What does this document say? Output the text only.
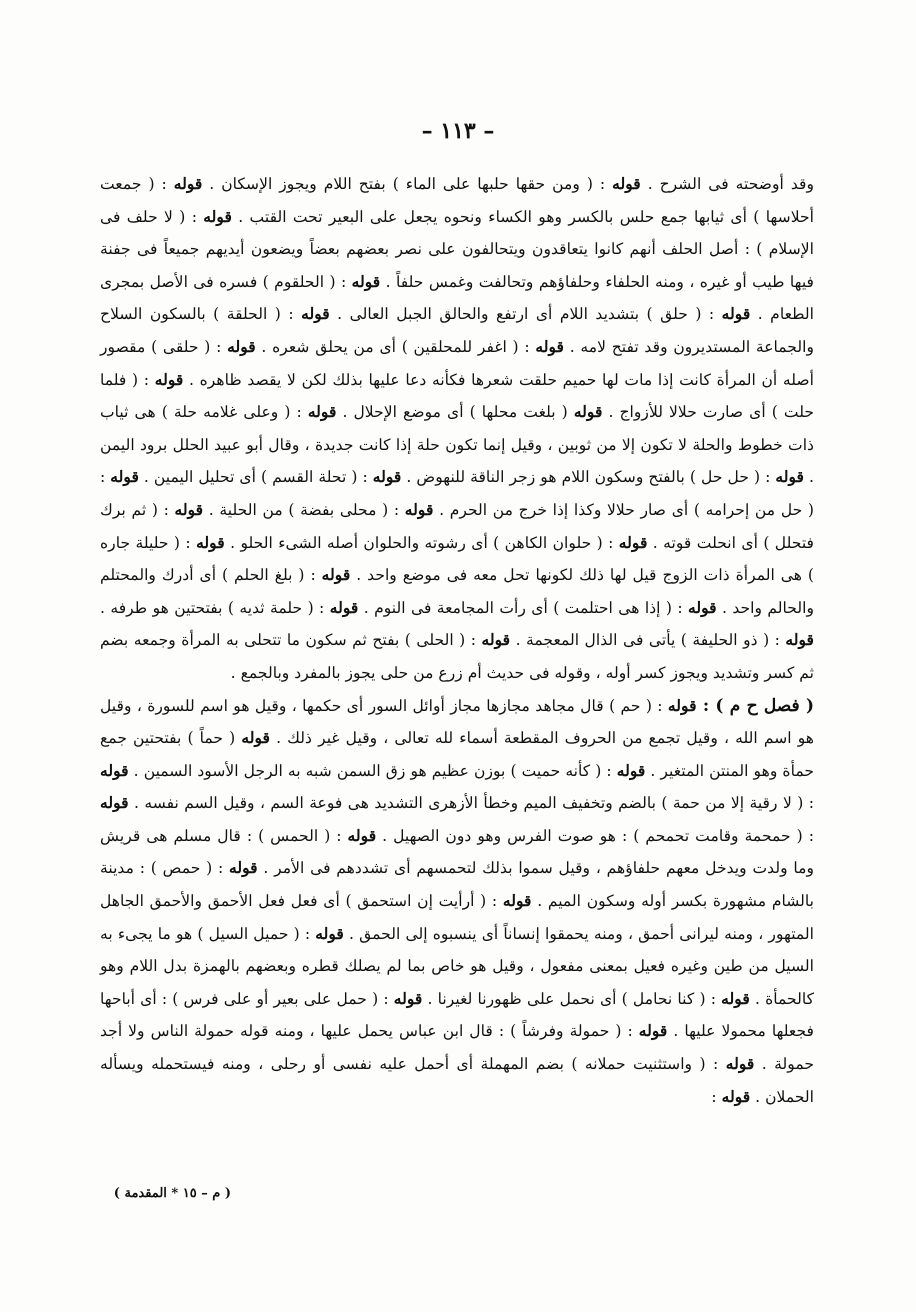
– ١١٣ –

وقد أوضحته فى الشرح . قوله : ( ومن حقها حلبها على الماء ) بفتح اللام ويجوز الإسكان . قوله : ( جمعت أحلاسها ) أى ثيابها جمع حلس بالكسر وهو الكساء ونحوه يجعل على البعير تحت القتب . قوله : ( لا حلف فى الإسلام ) : أصل الحلف أنهم كانوا يتعاقدون ويتحالفون على نصر بعضهم بعضاً ويضعون أيديهم جميعاً فى جفنة فيها طيب أو غيره ، ومنه الحلفاء وحلفاؤهم وتحالفت وغمس حلفاً . قوله : ( الحلقوم ) فسره فى الأصل بمجرى الطعام . قوله : ( حلق ) بتشديد اللام أى ارتفع والحالق الجبل العالى . قوله : ( الحلقة ) بالسكون السلاح والجماعة المستديرون وقد تفتح لامه . قوله : ( اغفر للمحلقين ) أى من يحلق شعره . قوله : ( حلقى ) مقصور أصله أن المرأة كانت إذا مات لها حميم حلقت شعرها فكأنه دعا عليها بذلك لكن لا يقصد ظاهره . قوله : ( فلما حلت ) أى صارت حلالا للأزواج . قوله ( بلغت محلها ) أى موضع الإحلال . قوله : ( وعلى غلامه حلة ) هى ثياب ذات خطوط والحلة لا تكون إلا من ثوبين ، وقيل إنما تكون حلة إذا كانت جديدة ، وقال أبو عبيد الحلل برود اليمن . قوله : ( حل حل ) بالفتح وسكون اللام هو زجر الناقة للنهوض . قوله : ( تحلة القسم ) أى تحليل اليمين . قوله : ( حل من إحرامه ) أى صار حلالا وكذا إذا خرج من الحرم . قوله : ( محلى بفضة ) من الحلية . قوله : ( ثم برك فتحلل ) أى انحلت قوته . قوله : ( حلوان الكاهن ) أى رشوته والحلوان أصله الشىء الحلو . قوله : ( حليلة جاره ) هى المرأة ذات الزوج قيل لها ذلك لكونها تحل معه فى موضع واحد . قوله : ( بلغ الحلم ) أى أدرك والمحتلم والحالم واحد . قوله : ( إذا هى احتلمت ) أى رأت المجامعة فى النوم . قوله : ( حلمة ثديه ) بفتحتين هو طرفه . قوله : ( ذو الحليفة ) يأتى فى الذال المعجمة . قوله : ( الحلى ) بفتح ثم سكون ما تتحلى به المرأة وجمعه بضم ثم كسر وتشديد ويجوز كسر أوله ، وقوله فى حديث أم زرع من حلى يجوز بالمفرد وبالجمع .

( فصل ح م ) : قوله : ( حم ) قال مجاهد مجازها مجاز أوائل السور أى حكمها ، وقيل هو اسم للسورة ، وقيل هو اسم الله ، وقيل تجمع من الحروف المقطعة أسماء لله تعالى ، وقيل غير ذلك . قوله ( حماً ) بفتحتين جمع حمأة وهو المنتن المتغير . قوله : ( كأنه حميت ) بوزن عظيم هو زق السمن شبه به الرجل الأسود السمين . قوله : ( لا رقية إلا من حمة ) بالضم وتخفيف الميم وخطأ الأزهرى التشديد هى فوعة السم ، وقيل السم نفسه . قوله : ( حمحمة وقامت تحمحم ) : هو صوت الفرس وهو دون الصهيل . قوله : ( الحمس ) : قال مسلم هى قريش وما ولدت ويدخل معهم حلفاؤهم ، وقيل سموا بذلك لتحمسهم أى تشددهم فى الأمر . قوله : ( حمص ) : مدينة بالشام مشهورة بكسر أوله وسكون الميم . قوله : ( أرأيت إن استحمق ) أى فعل فعل الأحمق والأحمق الجاهل المتهور ، ومنه ليرانى أحمق ، ومنه يحمقوا إنساناً أى ينسبوه إلى الحمق . قوله : ( حميل السيل ) هو ما يجىء به السيل من طين وغيره فعيل بمعنى مفعول ، وقيل هو خاص بما لم يصلك قطره وبعضهم بالهمزة بدل اللام وهو كالحمأة . قوله : ( كنا نحامل ) أى نحمل على ظهورنا لغيرنا . قوله : ( حمل على بعير أو على فرس ) : أى أباحها فجعلها محمولا عليها . قوله : ( حمولة وفرشاً ) : قال ابن عباس يحمل عليها ، ومنه قوله حمولة الناس ولا أجد حمولة . قوله : ( واستثنيت حملانه ) بضم المهملة أى أحمل عليه نفسى أو رحلى ، ومنه فيستحمله ويسأله الحملان . قوله :

( م – ١٥ * المقدمة )
